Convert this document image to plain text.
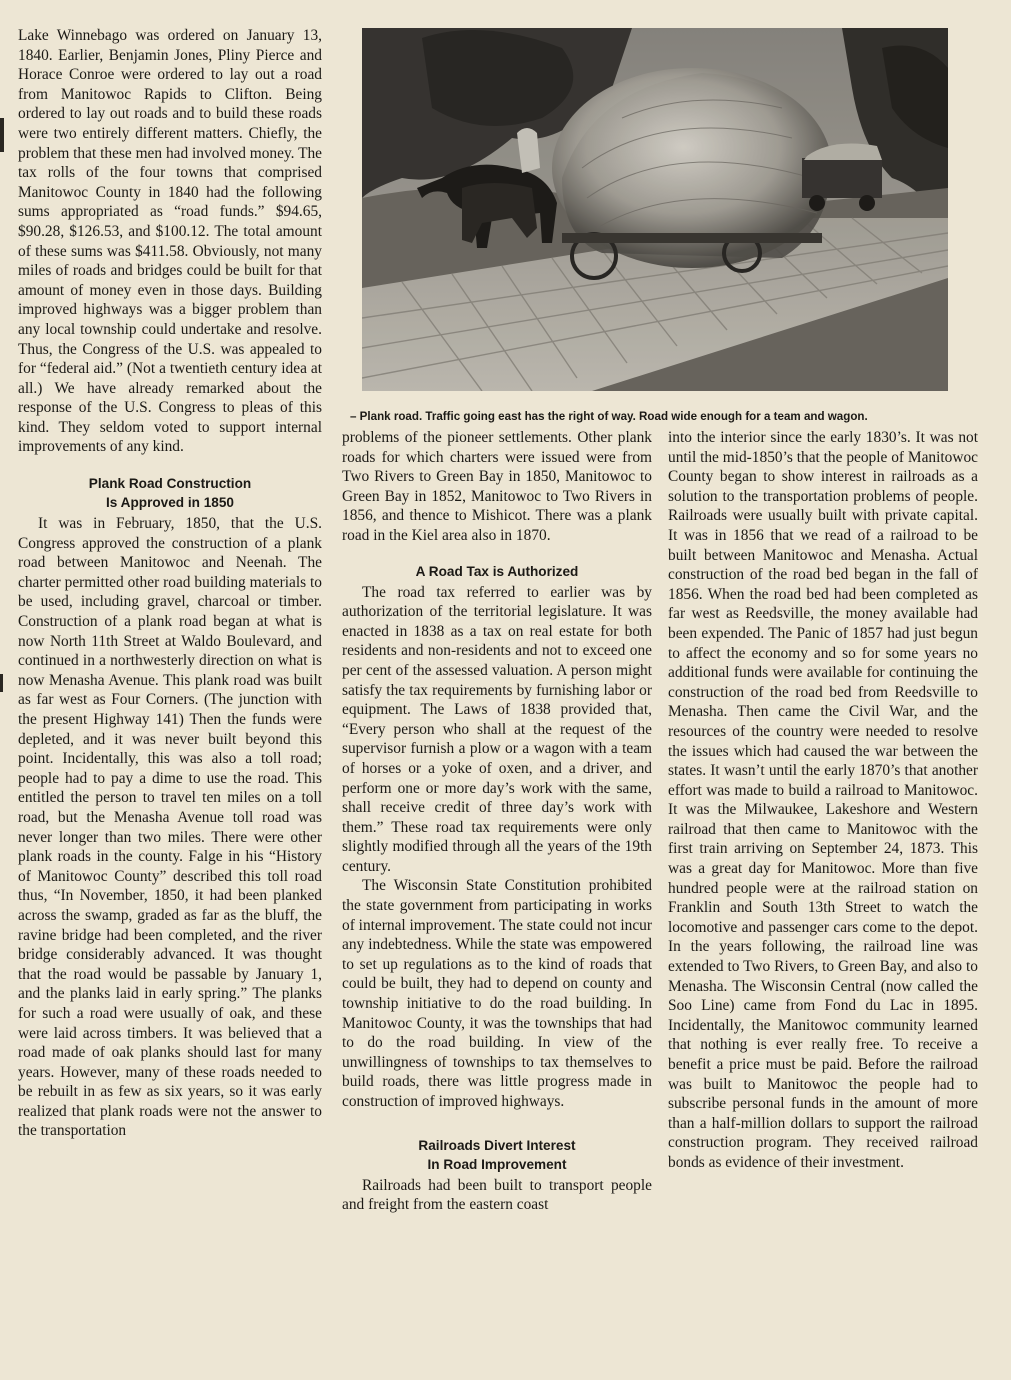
Lake Winnebago was ordered on January 13, 1840. Earlier, Benjamin Jones, Pliny Pierce and Horace Conroe were ordered to lay out a road from Manitowoc Rapids to Clifton. Being ordered to lay out roads and to build these roads were two entirely different matters. Chiefly, the problem that these men had involved money. The tax rolls of the four towns that comprised Manitowoc County in 1840 had the following sums appropriated as “road funds.” $94.65, $90.28, $126.53, and $100.12. The total amount of these sums was $411.58. Obviously, not many miles of roads and bridges could be built for that amount of money even in those days. Building improved highways was a bigger problem than any local township could undertake and resolve. Thus, the Congress of the U.S. was appealed to for “federal aid.” (Not a twentieth century idea at all.) We have already remarked about the response of the U.S. Congress to pleas of this kind. They seldom voted to support internal improvements of any kind.

Plank Road Construction
Is Approved in 1850

It was in February, 1850, that the U.S. Congress approved the construction of a plank road between Manitowoc and Neenah. The charter permitted other road building materials to be used, including gravel, charcoal or timber. Construction of a plank road began at what is now North 11th Street at Waldo Boulevard, and continued in a northwesterly direction on what is now Menasha Avenue. This plank road was built as far west as Four Corners. (The junction with the present Highway 141) Then the funds were depleted, and it was never built beyond this point. Incidentally, this was also a toll road; people had to pay a dime to use the road. This entitled the person to travel ten miles on a toll road, but the Menasha Avenue toll road was never longer than two miles. There were other plank roads in the county. Falge in his “History of Manitowoc County” described this toll road thus, “In November, 1850, it had been planked across the swamp, graded as far as the bluff, the ravine bridge had been completed, and the river bridge considerably advanced. It was thought that the road would be passable by January 1, and the planks laid in early spring.” The planks for such a road were usually of oak, and these were laid across timbers. It was believed that a road made of oak planks should last for many years. However, many of these roads needed to be rebuilt in as few as six years, so it was early realized that plank roads were not the answer to the transportation

– Plank road. Traffic going east has the right of way. Road wide enough for a team and wagon.

problems of the pioneer settlements. Other plank roads for which charters were issued were from Two Rivers to Green Bay in 1850, Manitowoc to Green Bay in 1852, Manitowoc to Two Rivers in 1856, and thence to Mishicot. There was a plank road in the Kiel area also in 1870.

A Road Tax is Authorized

The road tax referred to earlier was by authorization of the territorial legislature. It was enacted in 1838 as a tax on real estate for both residents and non-residents and not to exceed one per cent of the assessed valuation. A person might satisfy the tax requirements by furnishing labor or equipment. The Laws of 1838 provided that, “Every person who shall at the request of the supervisor furnish a plow or a wagon with a team of horses or a yoke of oxen, and a driver, and perform one or more day’s work with the same, shall receive credit of three day’s work with them.” These road tax requirements were only slightly modified through all the years of the 19th century.

The Wisconsin State Constitution prohibited the state government from participating in works of internal improvement. The state could not incur any indebtedness. While the state was empowered to set up regulations as to the kind of roads that could be built, they had to depend on county and township initiative to do the road building. In Manitowoc County, it was the townships that had to do the road building. In view of the unwillingness of townships to tax themselves to build roads, there was little progress made in construction of improved highways.

Railroads Divert Interest
In Road Improvement

Railroads had been built to transport people and freight from the eastern coast

into the interior since the early 1830’s. It was not until the mid-1850’s that the people of Manitowoc County began to show interest in railroads as a solution to the transportation problems of people. Railroads were usually built with private capital. It was in 1856 that we read of a railroad to be built between Manitowoc and Menasha. Actual construction of the road bed began in the fall of 1856. When the road bed had been completed as far west as Reedsville, the money available had been expended. The Panic of 1857 had just begun to affect the economy and so for some years no additional funds were available for continuing the construction of the road bed from Reedsville to Menasha. Then came the Civil War, and the resources of the country were needed to resolve the issues which had caused the war between the states. It wasn’t until the early 1870’s that another effort was made to build a railroad to Manitowoc. It was the Milwaukee, Lakeshore and Western railroad that then came to Manitowoc with the first train arriving on September 24, 1873. This was a great day for Manitowoc. More than five hundred people were at the railroad station on Franklin and South 13th Street to watch the locomotive and passenger cars come to the depot. In the years following, the railroad line was extended to Two Rivers, to Green Bay, and also to Menasha. The Wisconsin Central (now called the Soo Line) came from Fond du Lac in 1895. Incidentally, the Manitowoc community learned that nothing is ever really free. To receive a benefit a price must be paid. Before the railroad was built to Manitowoc the people had to subscribe personal funds in the amount of more than a half-million dollars to support the railroad construction program. They received railroad bonds as evidence of their investment.
